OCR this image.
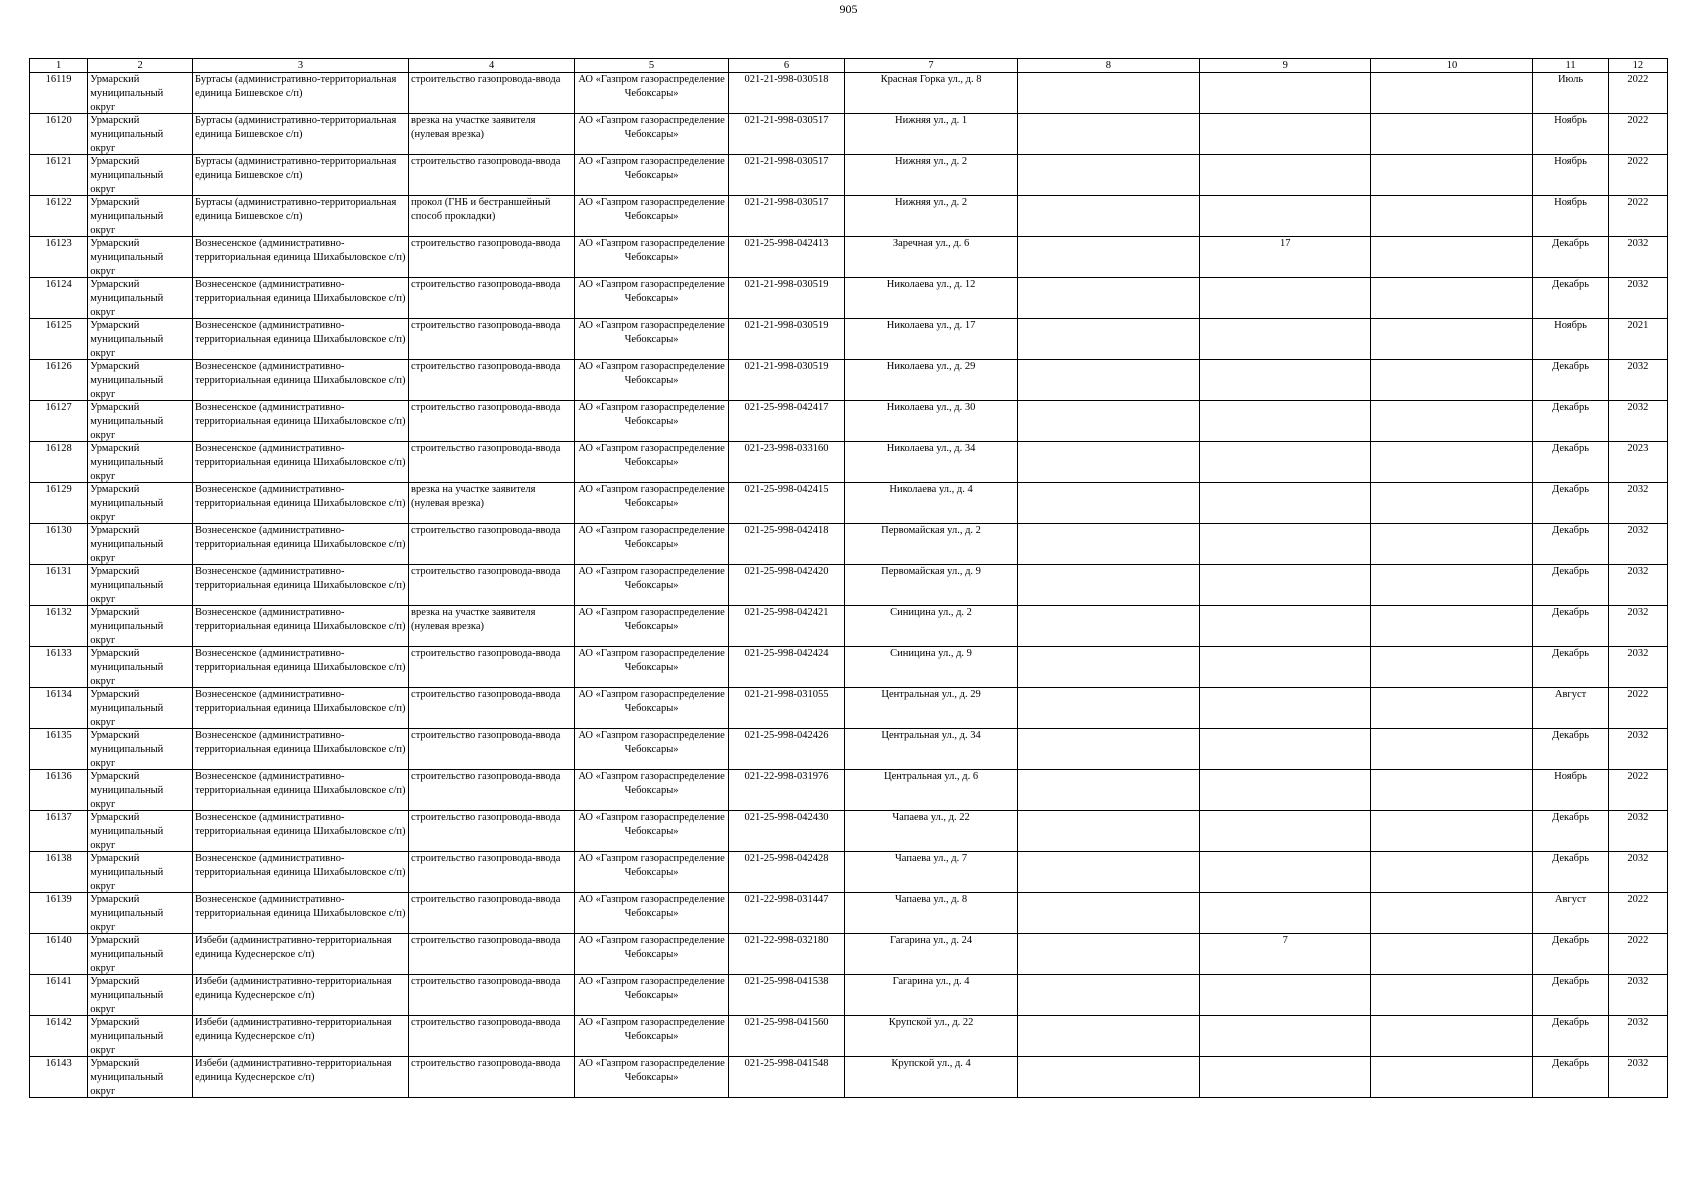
905
1	2	3	4	5	6	7	8	9	10	11	12

16119	Урмарский муниципальный округ	Буртасы (административно-территориальная единица Бишевское с/п)	строительство газопровода-ввода	АО «Газпром газораспределение Чебоксары»	021-21-998-030518	Красная Горка ул., д. 8				Июль	2022

16120	Урмарский муниципальный округ	Буртасы (административно-территориальная единица Бишевское с/п)	врезка на участке заявителя (нулевая врезка)	АО «Газпром газораспределение Чебоксары»	021-21-998-030517	Нижняя ул., д. 1				Ноябрь	2022

16121	Урмарский муниципальный округ	Буртасы (административно-территориальная единица Бишевское с/п)	строительство газопровода-ввода	АО «Газпром газораспределение Чебоксары»	021-21-998-030517	Нижняя ул., д. 2				Ноябрь	2022

16122	Урмарский муниципальный округ	Буртасы (административно-территориальная единица Бишевское с/п)	прокол (ГНБ и бестраншейный способ прокладки)	АО «Газпром газораспределение Чебоксары»	021-21-998-030517	Нижняя ул., д. 2				Ноябрь	2022

16123	Урмарский муниципальный округ	Вознесенское (административно-территориальная единица Шихабыловское с/п)	строительство газопровода-ввода	АО «Газпром газораспределение Чебоксары»	021-25-998-042413	Заречная ул., д. 6		17		Декабрь	2032

16124	Урмарский муниципальный округ	Вознесенское (административно-территориальная единица Шихабыловское с/п)	строительство газопровода-ввода	АО «Газпром газораспределение Чебоксары»	021-21-998-030519	Николаева ул., д. 12				Декабрь	2032

16125	Урмарский муниципальный округ	Вознесенское (административно-территориальная единица Шихабыловское с/п)	строительство газопровода-ввода	АО «Газпром газораспределение Чебоксары»	021-21-998-030519	Николаева ул., д. 17				Ноябрь	2021

16126	Урмарский муниципальный округ	Вознесенское (административно-территориальная единица Шихабыловское с/п)	строительство газопровода-ввода	АО «Газпром газораспределение Чебоксары»	021-21-998-030519	Николаева ул., д. 29				Декабрь	2032

16127	Урмарский муниципальный округ	Вознесенское (административно-территориальная единица Шихабыловское с/п)	строительство газопровода-ввода	АО «Газпром газораспределение Чебоксары»	021-25-998-042417	Николаева ул., д. 30				Декабрь	2032

16128	Урмарский муниципальный округ	Вознесенское (административно-территориальная единица Шихабыловское с/п)	строительство газопровода-ввода	АО «Газпром газораспределение Чебоксары»	021-23-998-033160	Николаева ул., д. 34				Декабрь	2023

16129	Урмарский муниципальный округ	Вознесенское (административно-территориальная единица Шихабыловское с/п)	врезка на участке заявителя (нулевая врезка)	АО «Газпром газораспределение Чебоксары»	021-25-998-042415	Николаева ул., д. 4				Декабрь	2032

16130	Урмарский муниципальный округ	Вознесенское (административно-территориальная единица Шихабыловское с/п)	строительство газопровода-ввода	АО «Газпром газораспределение Чебоксары»	021-25-998-042418	Первомайская ул., д. 2				Декабрь	2032

16131	Урмарский муниципальный округ	Вознесенское (административно-территориальная единица Шихабыловское с/п)	строительство газопровода-ввода	АО «Газпром газораспределение Чебоксары»	021-25-998-042420	Первомайская ул., д. 9				Декабрь	2032

16132	Урмарский муниципальный округ	Вознесенское (административно-территориальная единица Шихабыловское с/п)	врезка на участке заявителя (нулевая врезка)	АО «Газпром газораспределение Чебоксары»	021-25-998-042421	Синицина ул., д. 2				Декабрь	2032

16133	Урмарский муниципальный округ	Вознесенское (административно-территориальная единица Шихабыловское с/п)	строительство газопровода-ввода	АО «Газпром газораспределение Чебоксары»	021-25-998-042424	Синицина ул., д. 9				Декабрь	2032

16134	Урмарский муниципальный округ	Вознесенское (административно-территориальная единица Шихабыловское с/п)	строительство газопровода-ввода	АО «Газпром газораспределение Чебоксары»	021-21-998-031055	Центральная ул., д. 29				Август	2022

16135	Урмарский муниципальный округ	Вознесенское (административно-территориальная единица Шихабыловское с/п)	строительство газопровода-ввода	АО «Газпром газораспределение Чебоксары»	021-25-998-042426	Центральная ул., д. 34				Декабрь	2032

16136	Урмарский муниципальный округ	Вознесенское (административно-территориальная единица Шихабыловское с/п)	строительство газопровода-ввода	АО «Газпром газораспределение Чебоксары»	021-22-998-031976	Центральная ул., д. 6				Ноябрь	2022

16137	Урмарский муниципальный округ	Вознесенское (административно-территориальная единица Шихабыловское с/п)	строительство газопровода-ввода	АО «Газпром газораспределение Чебоксары»	021-25-998-042430	Чапаева ул., д. 22				Декабрь	2032

16138	Урмарский муниципальный округ	Вознесенское (административно-территориальная единица Шихабыловское с/п)	строительство газопровода-ввода	АО «Газпром газораспределение Чебоксары»	021-25-998-042428	Чапаева ул., д. 7				Декабрь	2032

16139	Урмарский муниципальный округ	Вознесенское (административно-территориальная единица Шихабыловское с/п)	строительство газопровода-ввода	АО «Газпром газораспределение Чебоксары»	021-22-998-031447	Чапаева ул., д. 8				Август	2022

16140	Урмарский муниципальный округ	Избеби (административно-территориальная единица Кудеснерское с/п)	строительство газопровода-ввода	АО «Газпром газораспределение Чебоксары»	021-22-998-032180	Гагарина ул., д. 24		7		Декабрь	2022

16141	Урмарский муниципальный округ	Избеби (административно-территориальная единица Кудеснерское с/п)	строительство газопровода-ввода	АО «Газпром газораспределение Чебоксары»	021-25-998-041538	Гагарина ул., д. 4				Декабрь	2032

16142	Урмарский муниципальный округ	Избеби (административно-территориальная единица Кудеснерское с/п)	строительство газопровода-ввода	АО «Газпром газораспределение Чебоксары»	021-25-998-041560	Крупской ул., д. 22				Декабрь	2032

16143	Урмарский муниципальный округ	Избеби (административно-территориальная единица Кудеснерское с/п)	строительство газопровода-ввода	АО «Газпром газораспределение Чебоксары»	021-25-998-041548	Крупской ул., д. 4				Декабрь	2032
